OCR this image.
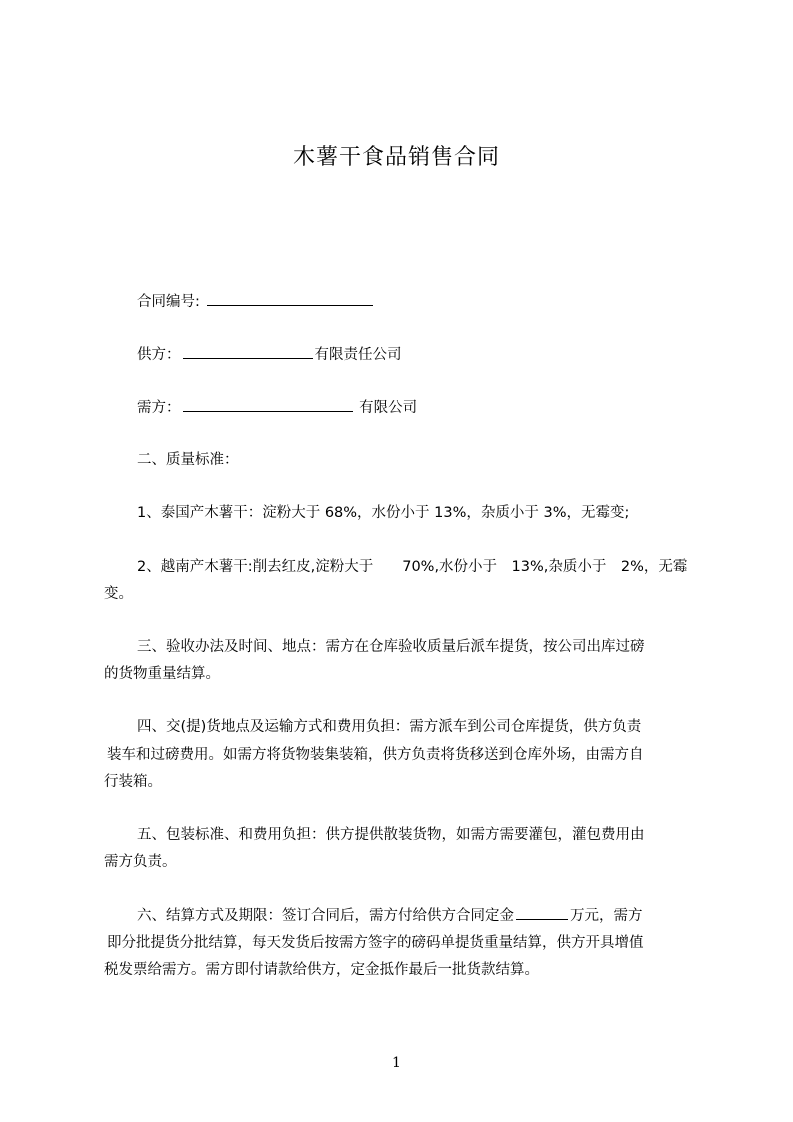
木薯干食品销售合同
合同编号:
供方：	有限责任公司
需方：	有限公司
二、质量标准：
1、泰国产木薯干：淀粉大于 68%，水份小于 13%，杂质小于 3%，无霉变;
2、越南产木薯干:削去红皮,淀粉大于　　70%,水份小于　13%,杂质小于　2%，无霉
变。
三、验收办法及时间、地点：需方在仓库验收质量后派车提货，按公司出库过磅
的货物重量结算。
四、交(提)货地点及运输方式和费用负担：需方派车到公司仓库提货，供方负责
装车和过磅费用。如需方将货物装集装箱，供方负责将货移送到仓库外场，由需方自
行装箱。
五、包装标准、和费用负担：供方提供散装货物，如需方需要灌包，灌包费用由
需方负责。
六、结算方式及期限：签订合同后，需方付给供方合同定金	万元，需方
即分批提货分批结算，每天发货后按需方签字的磅码单提货重量结算，供方开具增值
税发票给需方。需方即付请款给供方，定金抵作最后一批货款结算。
1
